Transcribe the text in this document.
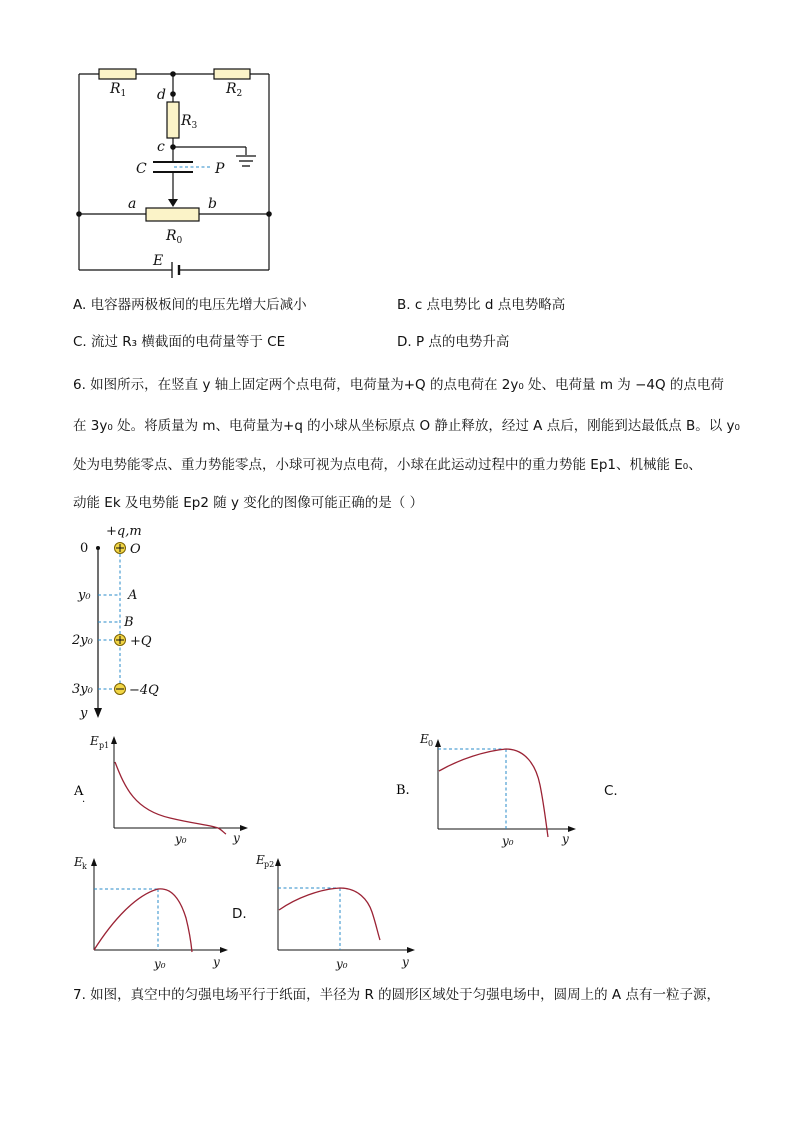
$R_1$	$R_2$
$R_3$
$R_0$
d
c
C	P
a	b
E
A. 电容器两极板间的电压先增大后减小	B. c 点电势比 d 点电势略高
C. 流过 R₃ 横截面的电荷量等于 CE	D. P 点的电势升高
6. 如图所示，在竖直 y 轴上固定两个点电荷，电荷量为+Q 的点电荷在 2y₀ 处、电荷量 m 为 −4Q 的点电荷
在 3y₀ 处。将质量为 m、电荷量为+q 的小球从坐标原点 O 静止释放，经过 A 点后，刚能到达最低点 B。以 y₀
处为电势能零点、重力势能零点，小球可视为点电荷，小球在此运动过程中的重力势能 Ep1、机械能 E₀、
动能 Ek 及电势能 Ep2 随 y 变化的图像可能正确的是（ ）
+q,m
0	O
y₀	A
B
2y₀	+Q
3y₀	−4Q
y
A
.
E p1
y₀	y
B.
E 0
y₀	y
C.
E k
y₀	y
D.
E p2
y₀	y
7. 如图，真空中的匀强电场平行于纸面，半径为 R 的圆形区域处于匀强电场中，圆周上的 A 点有一粒子源，
